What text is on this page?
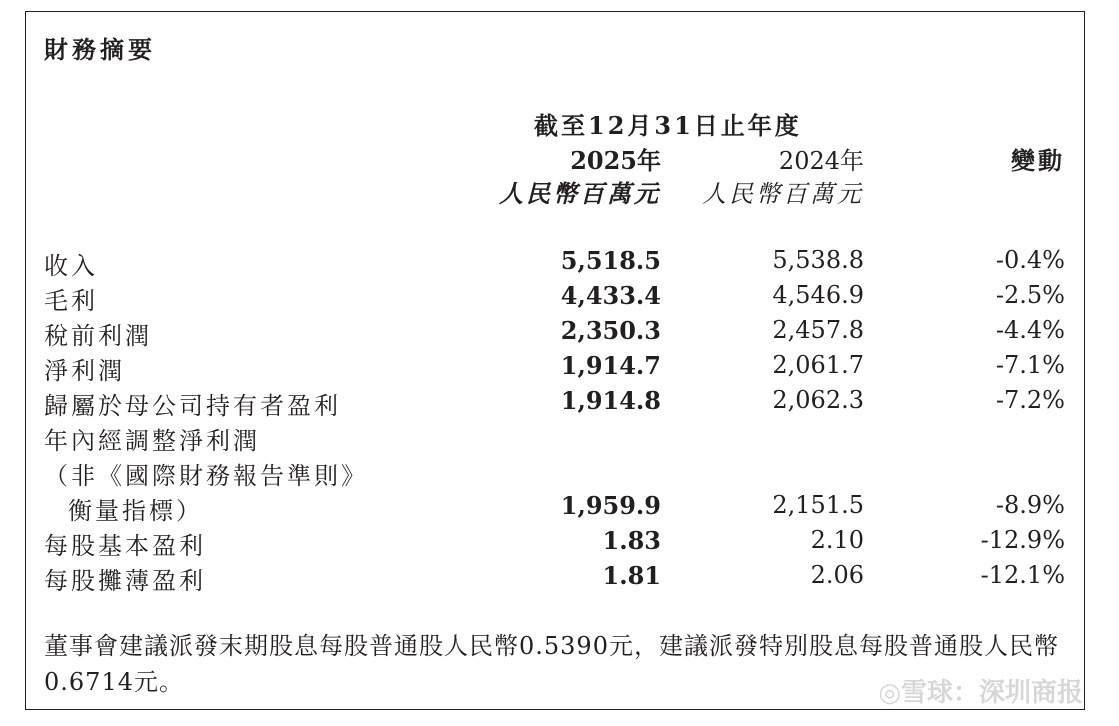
財務摘要
截至12月31日止年度
2025年	2024年	變動
人民幣百萬元 人民幣百萬元
收入	5,518.5	5,538.8	-0.4%
毛利	4,433.4	4,546.9	-2.5%
稅前利潤	2,350.3	2,457.8	-4.4%
淨利潤	1,914.7	2,061.7	-7.1%
歸屬於母公司持有者盈利	1,914.8	2,062.3	-7.2%
年內經調整淨利潤
（非《國際財務報告準則》
衡量指標）	1,959.9	2,151.5	-8.9%
每股基本盈利	1.83	2.10	-12.9%
每股攤薄盈利	1.81	2.06	-12.1%
董事會建議派發末期股息每股普通股人民幣0.5390元，建議派發特別股息每股普通股人民幣0.6714元。	◎雪球：深圳商报
